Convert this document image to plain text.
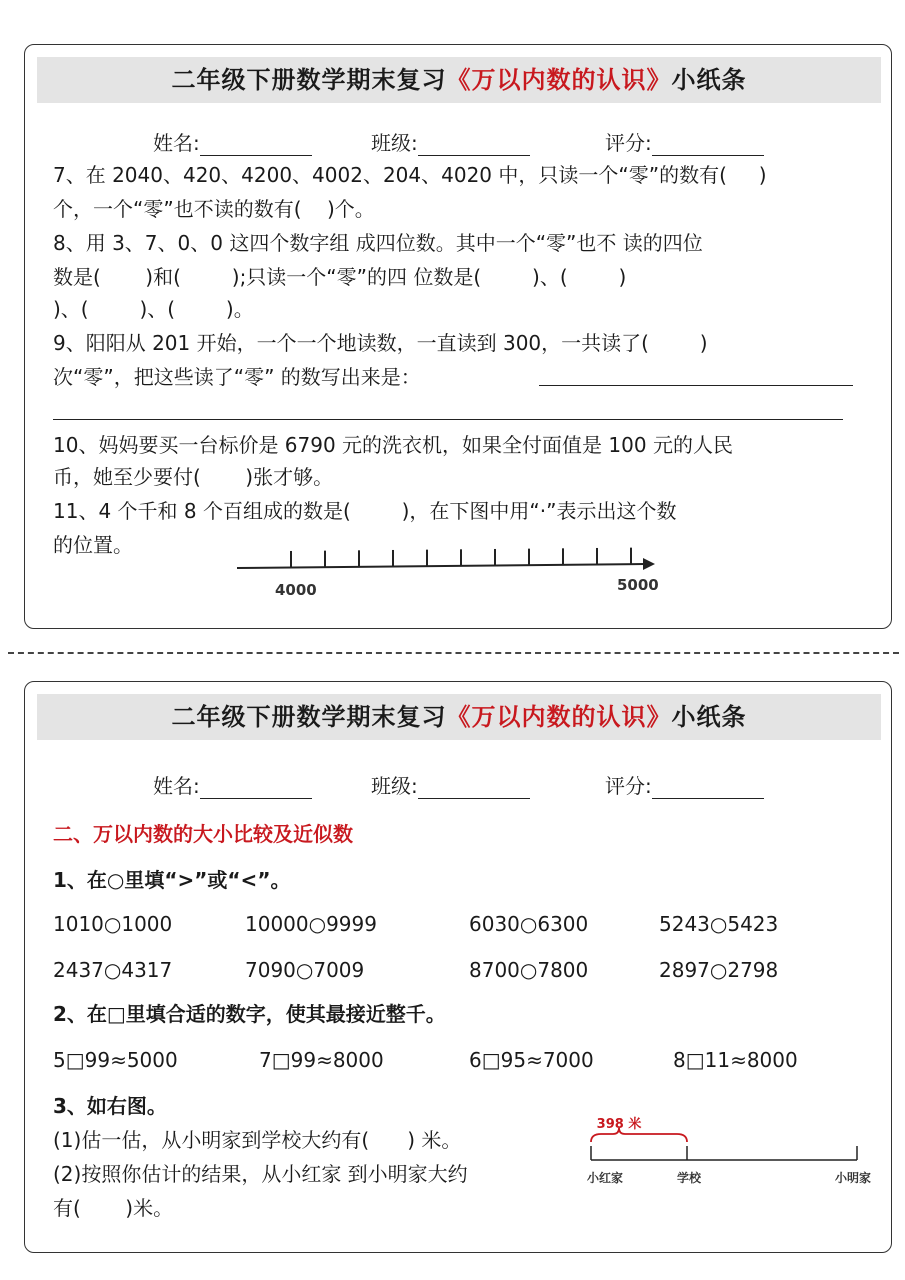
二年级下册数学期末复习《万以内数的认识》小纸条
姓名:	班级:	评分:
7、在 2040、420、4200、4002、204、4020 中，只读一个“零”的数有(     )
个，一个“零”也不读的数有(    )个。
8、用 3、7、0、0 这四个数字组 成四位数。其中一个“零”也不 读的四位
数是(       )和(        );只读一个“零”的四 位数是(        )、(        )
)、(        )、(        )。
9、阳阳从 201 开始，一个一个地读数，一直读到 300，一共读了(        )
次“零”，把这些读了“零” 的数写出来是：
10、妈妈要买一台标价是 6790 元的洗衣机，如果全付面值是 100 元的人民
币，她至少要付(       )张才够。
11、4 个千和 8 个百组成的数是(        )，在下图中用“·”表示出这个数
的位置。
4000	5000
二年级下册数学期末复习《万以内数的认识》小纸条
姓名:	班级:	评分:
二、万以内数的大小比较及近似数
1、在○里填“>”或“<”。
1010○1000	10000○9999	6030○6300	5243○5423
2437○4317	7090○7009	8700○7800	2897○2798
2、在□里填合适的数字，使其最接近整千。
5□99≈5000	7□99≈8000	6□95≈7000	8□11≈8000
3、如右图。
(1)估一估，从小明家到学校大约有(      ) 米。
(2)按照你估计的结果，从小红家 到小明家大约
有(       )米。
398 米
小红家	学校	小明家
